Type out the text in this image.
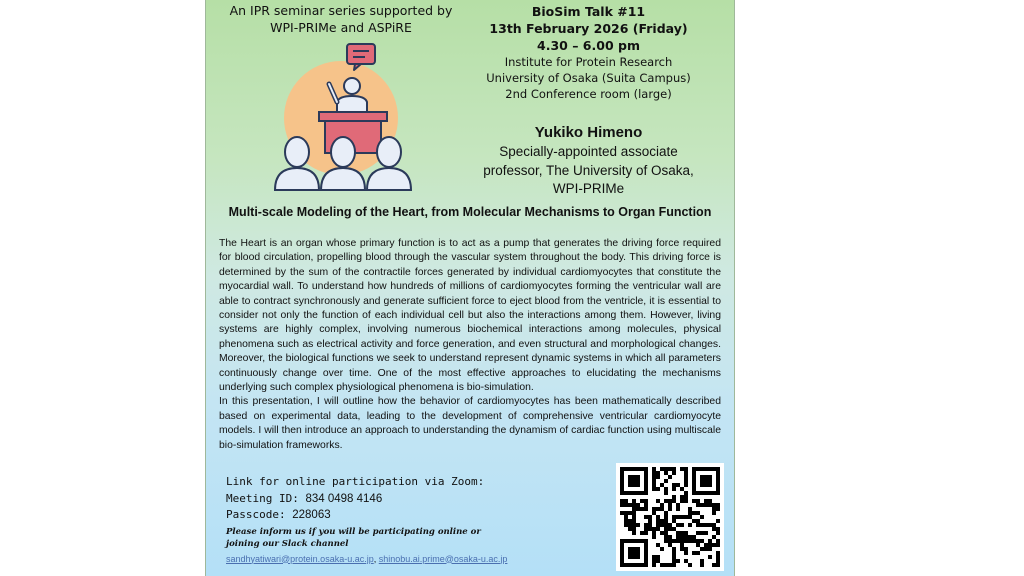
An IPR seminar series supported by
WPI-PRIMe and ASPiRE
BioSim Talk #11
13th February 2026 (Friday)
4.30 – 6.00 pm
Institute for Protein Research
University of Osaka (Suita Campus)
2nd Conference room (large)
Yukiko Himeno
Specially-appointed associate
professor, The University of Osaka,
WPI-PRIMe
Multi-scale Modeling of the Heart, from Molecular Mechanisms to Organ Function
The Heart is an organ whose primary function is to act as a pump that generates the driving force required for blood circulation, propelling blood through the vascular system throughout the body. This driving force is determined by the sum of the contractile forces generated by individual cardiomyocytes that constitute the myocardial wall. To understand how hundreds of millions of cardiomyocytes forming the ventricular wall are able to contract synchronously and generate sufficient force to eject blood from the ventricle, it is essential to consider not only the function of each individual cell but also the interactions among them. However, living systems are highly complex, involving numerous biochemical interactions among molecules, physical phenomena such as electrical activity and force generation, and even structural and morphological changes. Moreover, the biological functions we seek to understand represent dynamic systems in which all parameters continuously change over time. One of the most effective approaches to elucidating the mechanisms underlying such complex physiological phenomena is bio-simulation.
In this presentation, I will outline how the behavior of cardiomyocytes has been mathematically described based on experimental data, leading to the development of comprehensive ventricular cardiomyocyte models. I will then introduce an approach to understanding the dynamism of cardiac function using multiscale bio-simulation frameworks.
Link for online participation via Zoom:
Meeting ID: 834 0498 4146
Passcode: 228063
Please inform us if you will be participating online or
joining our Slack channel
sandhyatiwari@protein.osaka-u.ac.jp, shinobu.ai.prime@osaka-u.ac.jp
